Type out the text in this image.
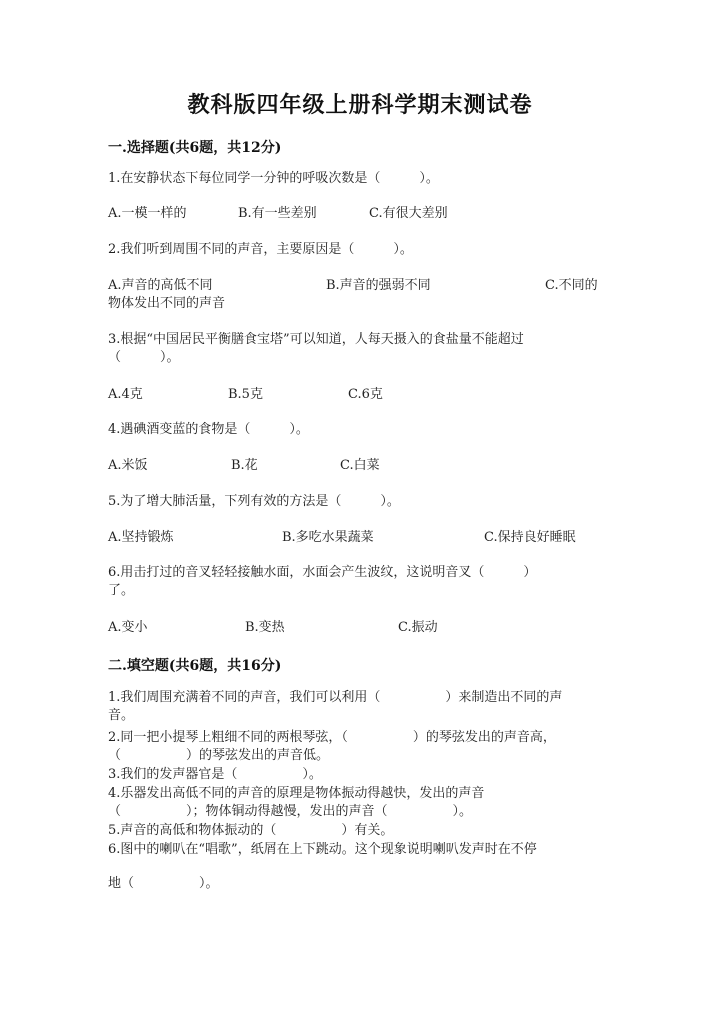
教科版四年级上册科学期末测试卷
一.选择题(共6题，共12分)
1.在安静状态下每位同学一分钟的呼吸次数是（　　　）。
A.一模一样的	B.有一些差别	C.有很大差别
2.我们听到周围不同的声音，主要原因是（　　　）。
A.声音的高低不同	B.声音的强弱不同	C.不同的
物体发出不同的声音
3.根据“中国居民平衡膳食宝塔”可以知道，人每天摄入的食盐量不能超过
（　　　）。
A.4克	B.5克	C.6克
4.遇碘酒变蓝的食物是（　　　）。
A.米饭	B.花	C.白菜
5.为了增大肺活量，下列有效的方法是（　　　）。
A.坚持锻炼	B.多吃水果蔬菜	C.保持良好睡眠
6.用击打过的音叉轻轻接触水面，水面会产生波纹，这说明音叉（　　　）
了。
A.变小	B.变热	C.振动
二.填空题(共6题，共16分)
1.我们周围充满着不同的声音，我们可以利用（　　　　　）来制造出不同的声
音。
2.同一把小提琴上粗细不同的两根琴弦，（　　　　　）的琴弦发出的声音高，
（　　　　　）的琴弦发出的声音低。
3.我们的发声器官是（　　　　　）。
4.乐器发出高低不同的声音的原理是物体振动得越快，发出的声音
（　　　　　）；物体铜动得越慢，发出的声音（　　　　　）。
5.声音的高低和物体振动的（　　　　　）有关。
6.图中的喇叭在“唱歌”，纸屑在上下跳动。这个现象说明喇叭发声时在不停
地（　　　　　）。
